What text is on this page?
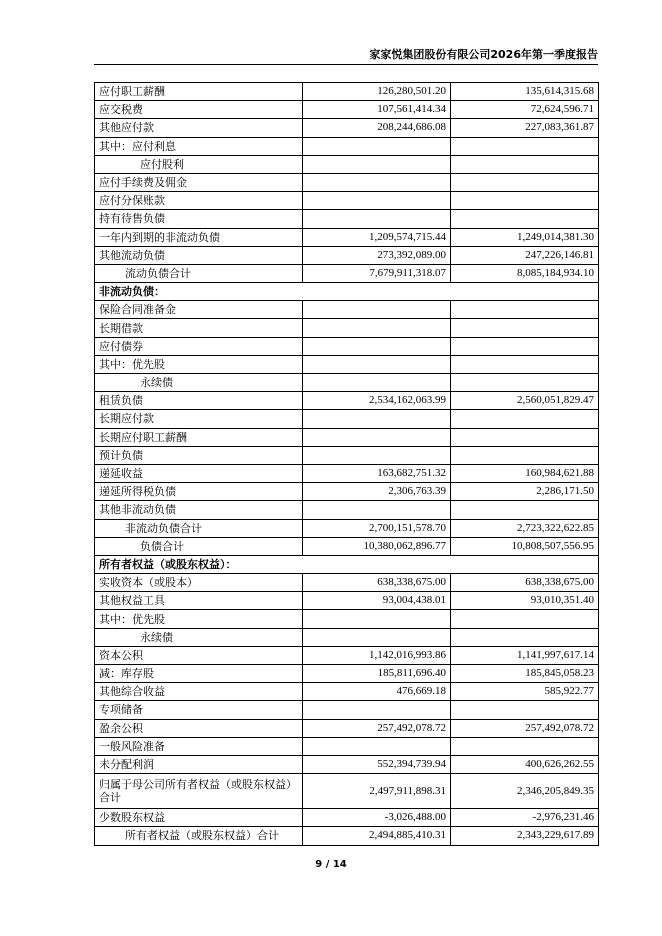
家家悦集团股份有限公司2026年第一季度报告
应付职工薪酬	126,280,501.20	135,614,315.68
应交税费	107,561,414.34	72,624,596.71
其他应付款	208,244,686.08	227,083,361.87
其中：应付利息		
应付股利		
应付手续费及佣金		
应付分保账款		
持有待售负债		
一年内到期的非流动负债	1,209,574,715.44	1,249,014,381.30
其他流动负债	273,392,089.00	247,226,146.81
流动负债合计	7,679,911,318.07	8,085,184,934.10
非流动负债：		
保险合同准备金		
长期借款		
应付债券		
其中：优先股		
永续债		
租赁负债	2,534,162,063.99	2,560,051,829.47
长期应付款		
长期应付职工薪酬		
预计负债		
递延收益	163,682,751.32	160,984,621.88
递延所得税负债	2,306,763.39	2,286,171.50
其他非流动负债		
非流动负债合计	2,700,151,578.70	2,723,322,622.85
负债合计	10,380,062,896.77	10,808,507,556.95
所有者权益（或股东权益）：		
实收资本（或股本）	638,338,675.00	638,338,675.00
其他权益工具	93,004,438.01	93,010,351.40
其中：优先股		
永续债		
资本公积	1,142,016,993.86	1,141,997,617.14
减：库存股	185,811,696.40	185,845,058.23
其他综合收益	476,669.18	585,922.77
专项储备		
盈余公积	257,492,078.72	257,492,078.72
一般风险准备		
未分配利润	552,394,739.94	400,626,262.55
归属于母公司所有者权益（或股东权益）合计	2,497,911,898.31	2,346,205,849.35
少数股东权益	-3,026,488.00	-2,976,231.46
所有者权益（或股东权益）合计	2,494,885,410.31	2,343,229,617.89
9 / 14
